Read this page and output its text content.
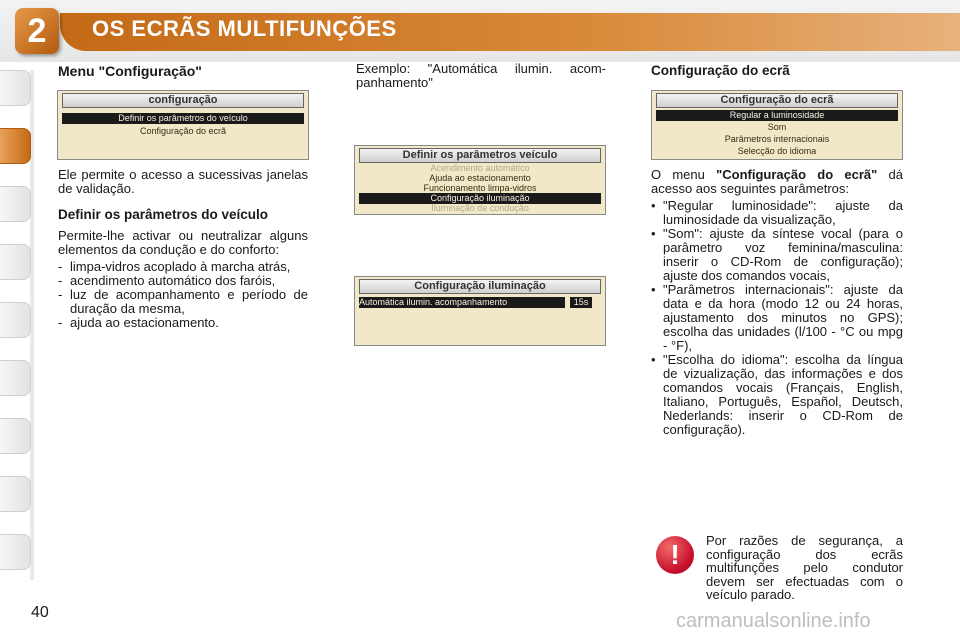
2	OS ECRÃS MULTIFUNÇÕES
Menu "Configuração"
configuração
Definir os parâmetros do veículo
Configuração do ecrã

Ele permite o acesso a sucessivas janelas de validação.

Definir os parâmetros do veículo

Permite-lhe activar ou neutralizar alguns elementos da condução e do conforto:

- limpa-vidros acoplado à marcha atrás,
- acendimento automático dos faróis,
- luz de acompanhamento e período de duração da mesma,
- ajuda ao estacionamento.

Exemplo: "Automática ilumin. acom-panhamento"

Definir os parâmetros veículo
Acendimento automático
Ajuda ao estacionamento
Funcionamento limpa-vidros
Configuração iluminação
Iluminação de condução
Configuração iluminação
Automática ilumin. acompanhamento	15s
Configuração do ecrã
Configuração do ecrã
Regular a luminosidade
Som
Parâmetros internacionais
Selecção do idioma

O menu "Configuração do ecrã" dá acesso aos seguintes parâmetros:

• "Regular luminosidade": ajuste da luminosidade da visualização,
• "Som": ajuste da síntese vocal (para o parâmetro voz feminina/masculina: inserir o CD-Rom de configuração); ajuste dos comandos vocais,
• "Parâmetros internacionais": ajuste da data e da hora (modo 12 ou 24 horas, ajustamento dos minutos no GPS); escolha das unidades (l/100 - °C ou mpg - °F),
• "Escolha do idioma": escolha da língua de vizualização, das informações e dos comandos vocais (Français, English, Italiano, Português, Español, Deutsch, Nederlands: inserir o CD-Rom de configuração).
!	Por razões de segurança, a configuração dos ecrãs multifunções pelo condutor devem ser efectuadas com o veículo parado.
40	carmanualsonline.info
